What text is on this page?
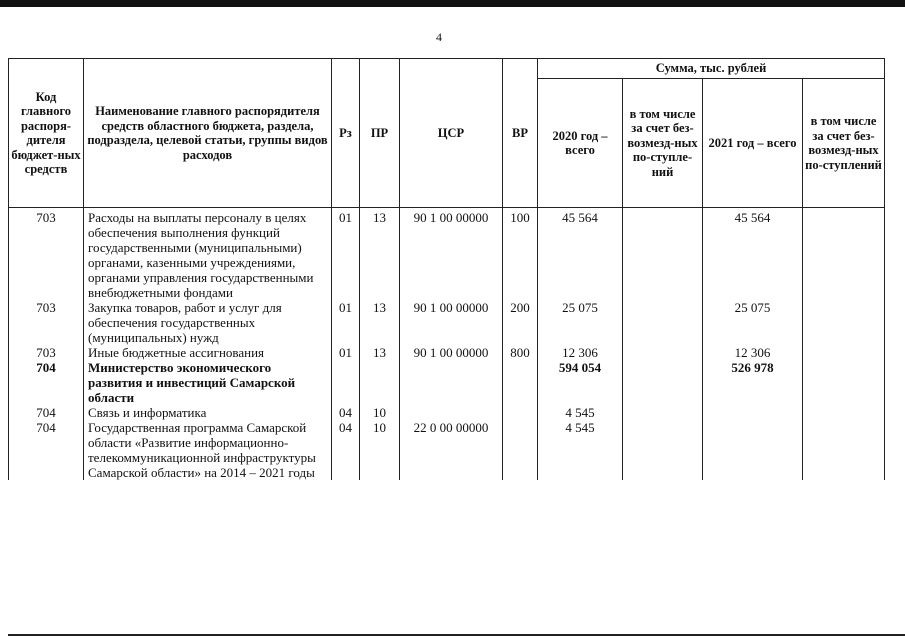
4
Код главного распоря-дителя бюджет-ных средств	Наименование главного распорядителя средств областного бюджета, раздела, подраздела, целевой статьи, группы видов расходов	Рз	ПР	ЦСР	ВР	Сумма, тыс. рублей			
						2020 год – всего	в том числе за счет без-возмезд-ных по-ступле-ний	2021 год – всего	в том числе за счет без-возмезд-ных по-ступлений
703	Расходы на выплаты персоналу в целях обеспечения выполнения функций государственными (муниципальными) органами, казенными учреждениями, органами управления государственными внебюджетными фондами	01	13	90 1 00 00000	100	45 564		45 564	
703	Закупка товаров, работ и услуг для обеспечения государственных (муниципальных) нужд	01	13	90 1 00 00000	200	25 075		25 075	
703	Иные бюджетные ассигнования	01	13	90 1 00 00000	800	12 306		12 306	
704	Министерство экономического развития и инвестиций Самарской области					594 054		526 978	
704	Связь и информатика	04	10			4 545			
704	Государственная программа Самарской области «Развитие информационно-телекоммуникационной инфраструктуры Самарской области» на 2014 – 2021 годы	04	10	22 0 00 00000		4 545			
